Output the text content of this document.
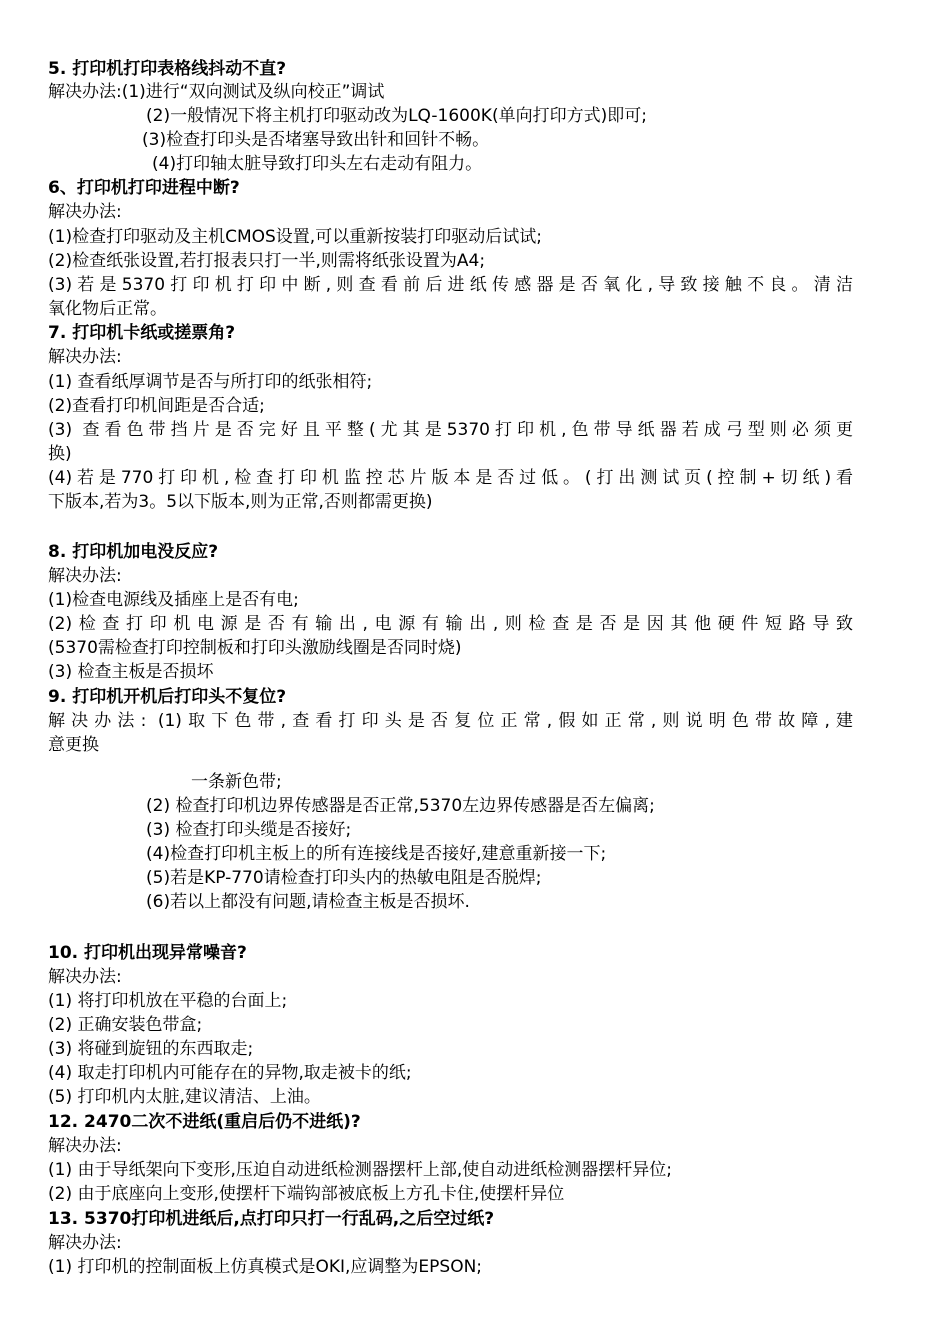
5. 打印机打印表格线抖动不直?
解决办法:(1)进行“双向测试及纵向校正”调试
(2)一般情况下将主机打印驱动改为LQ-1600K(单向打印方式)即可;
(3)检查打印头是否堵塞导致出针和回针不畅。
(4)打印轴太脏导致打印头左右走动有阻力。
6、打印机打印进程中断?
解决办法:
(1)检查打印驱动及主机CMOS设置,可以重新按装打印驱动后试试;
(2)检查纸张设置,若打报表只打一半,则需将纸张设置为A4;
(3)若是5370打印机打印中断,则查看前后进纸传感器是否氧化,导致接触不良。清洁
氧化物后正常。
7. 打印机卡纸或搓票角?
解决办法:
(1) 查看纸厚调节是否与所打印的纸张相符;
(2)查看打印机间距是否合适;
(3) 查看色带挡片是否完好且平整(尤其是5370打印机,色带导纸器若成弓型则必须更
换)
(4)若是770打印机,检查打印机监控芯片版本是否过低。(打出测试页(控制+切纸)看
下版本,若为3。5以下版本,则为正常,否则都需更换)
8. 打印机加电没反应?
解决办法:
(1)检查电源线及插座上是否有电;
(2)检查打印机电源是否有输出,电源有输出,则检查是否是因其他硬件短路导致
(5370需检查打印控制板和打印头激励线圈是否同时烧)
(3) 检查主板是否损坏
9. 打印机开机后打印头不复位?
解决办法: (1)取下色带,查看打印头是否复位正常,假如正常,则说明色带故障,建
意更换
一条新色带;
(2) 检查打印机边界传感器是否正常,5370左边界传感器是否左偏离;
(3) 检查打印头缆是否接好;
(4)检查打印机主板上的所有连接线是否接好,建意重新接一下;
(5)若是KP-770请检查打印头内的热敏电阻是否脱焊;
(6)若以上都没有问题,请检查主板是否损坏.
10. 打印机出现异常噪音?
解决办法:
(1) 将打印机放在平稳的台面上;
(2) 正确安装色带盒;
(3) 将碰到旋钮的东西取走;
(4) 取走打印机内可能存在的异物,取走被卡的纸;
(5) 打印机内太脏,建议清洁、上油。
12. 2470二次不进纸(重启后仍不进纸)?
解决办法:
(1) 由于导纸架向下变形,压迫自动进纸检测器摆杆上部,使自动进纸检测器摆杆异位;
(2) 由于底座向上变形,使摆杆下端钩部被底板上方孔卡住,使摆杆异位
13. 5370打印机进纸后,点打印只打一行乱码,之后空过纸?
解决办法:
(1) 打印机的控制面板上仿真模式是OKI,应调整为EPSON;
